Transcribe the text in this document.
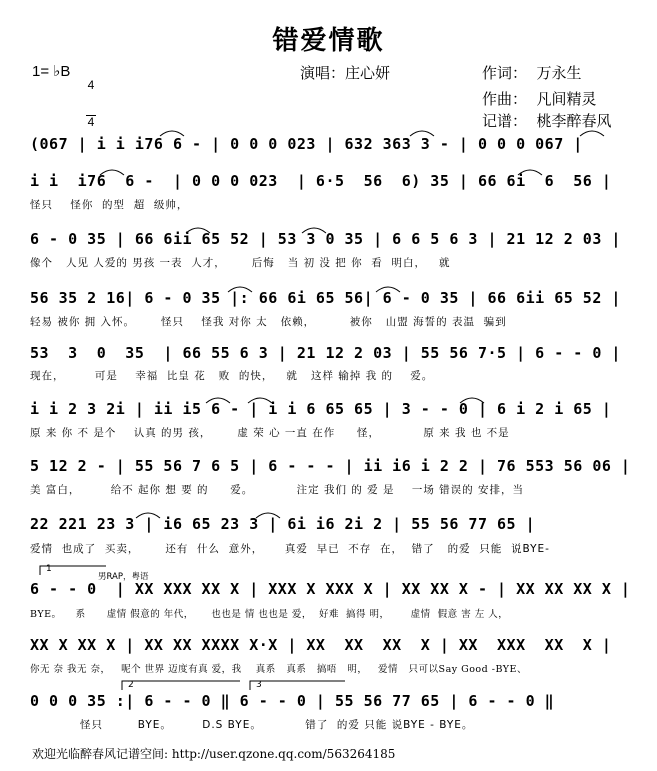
错爱情歌
1= ♭B

4

4

演唱：庄心妍	作词：  万永生
作曲：  凡间精灵
记谱：  桃李醉春风
(067 | i i i76 6 - | 0 0 0 023 | 632 363 3 - | 0 0 0 067 |
i i  i76  6 -  | 0 0 0 023  | 6·5  56  6) 35 | 66 6i  6  56 |
怪只    怪你  的型  超  级帅，
6 - 0 35 | 66 6ii 65 52 | 53 3 0 35 | 6 6 5 6 3 | 21 12 2 03 |
像个   人见 人爱的 男孩 一表  人才，      后悔   当 初 没 把 你  看  明白，   就
56 35 2 16| 6 - 0 35 |: 66 6i 65 56| 6 - 0 35 | 66 6ii 65 52 |
轻易 被你 拥 入怀。      怪只    怪我 对你 太   依赖，        被你   山盟 海誓的 表温  骗到
53  3  0  35  | 66 55 6 3 | 21 12 2 03 | 55 56 7·5 | 6 - - 0 |
现在，       可是    幸福  比皇 花   败  的快，   就   这样 输掉 我 的    爱。
i i 2 3 2i | ii i5 6 - | i i 6 65 65 | 3 - - 0 | 6 i 2 i 65 |
原 来 你 不 是个    认真 的男 孩，      虚 荣 心 一直 在作     怪，          原 来 我 也 不是
5 12 2 - | 55 56 7 6 5 | 6 - - - | ii i6 i 2 2 | 76 553 56 06 |
美 富白，       给不 起你 想 要 的     爱。          注定 我们 的 爱 是    一场 错误的 安排，当
22 221 23 3 | i6 65 23 3 | 6i i6 2i 2 | 55 56 77 65 |
爱情  也成了  买卖，      还有  什么  意外，     真爱  早已  不存  在，  错了   的爱  只能  说BYE-
男RAP，粤语
1
6 - - 0  | XX XXX XX X | XXX X XXX X | XX XX X - | XX XX XX X |
BYE。    系      虚情 假意的 年代，     也也是 情 也也是 爱，  好难  搞得 明，      虚情  假意 害 左 人，
XX X XX X | XX XX XXXX X·X | XX  XX  XX  X | XX  XXX  XX  X |
你无 奈 我无 奈，   呢个 世界 迈度有真 爱，我    真系   真系   搞唔   明，   爱情   只可以Say Good -BYE、
2	3
0 0 0 35 :| 6 - - 0 ‖ 6 - - 0 | 55 56 77 65 | 6 - - 0 ‖
怪只        BYE。       D.S BYE。          错了  的爱 只能 说BYE - BYE。
欢迎光临醉春风记谱空间: http://user.qzone.qq.com/563264185
